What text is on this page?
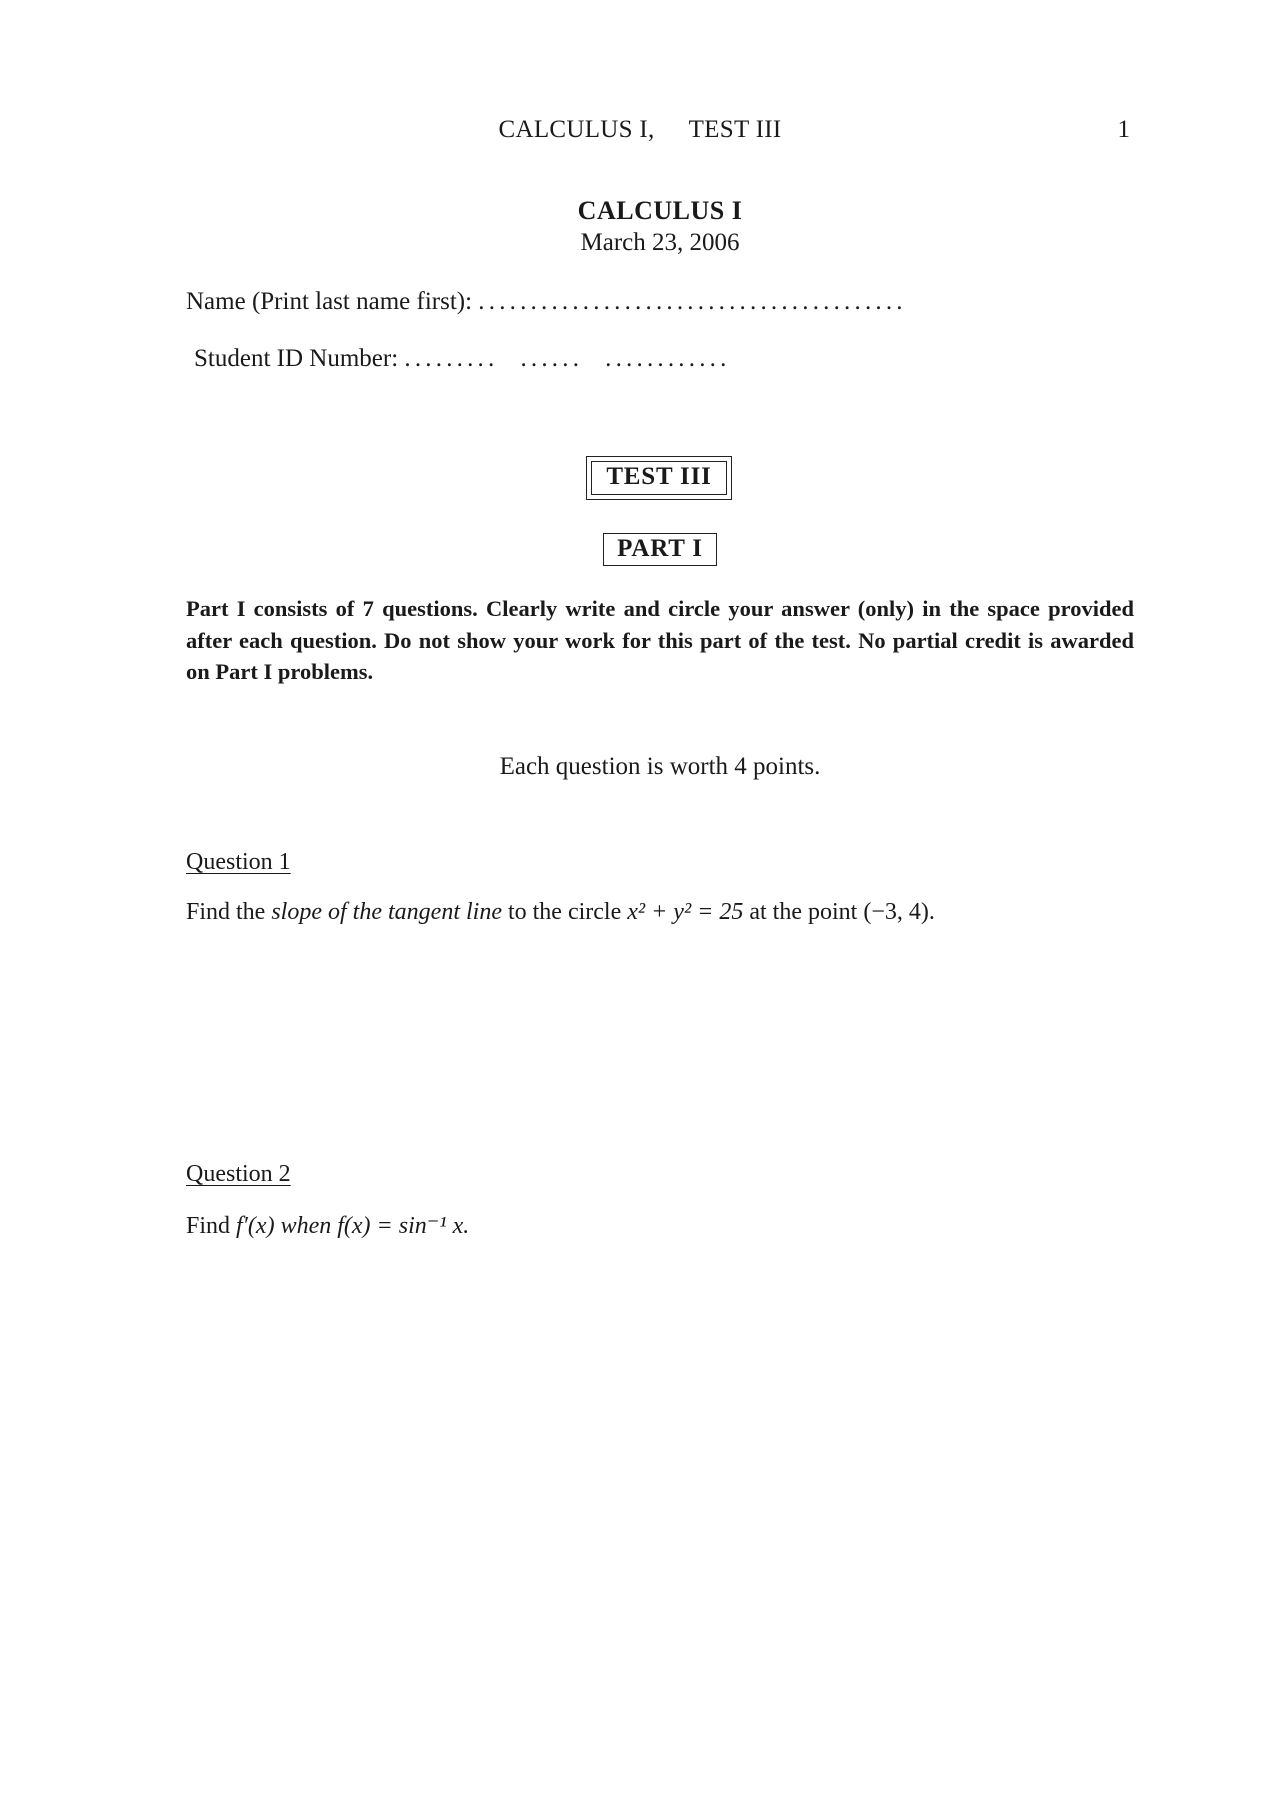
CALCULUS I, TEST III	1
CALCULUS I
March 23, 2006
Name (Print last name first): .........................................
Student ID Number: ......... ...... ............
TEST III
PART I
Part I consists of 7 questions. Clearly write and circle your answer (only) in the space provided after each question. Do not show your work for this part of the test. No partial credit is awarded on Part I problems.
Each question is worth 4 points.
Question 1
Find the slope of the tangent line to the circle x² + y² = 25 at the point (−3, 4).
Question 2
Find f′(x) when f(x) = sin⁻¹ x.
